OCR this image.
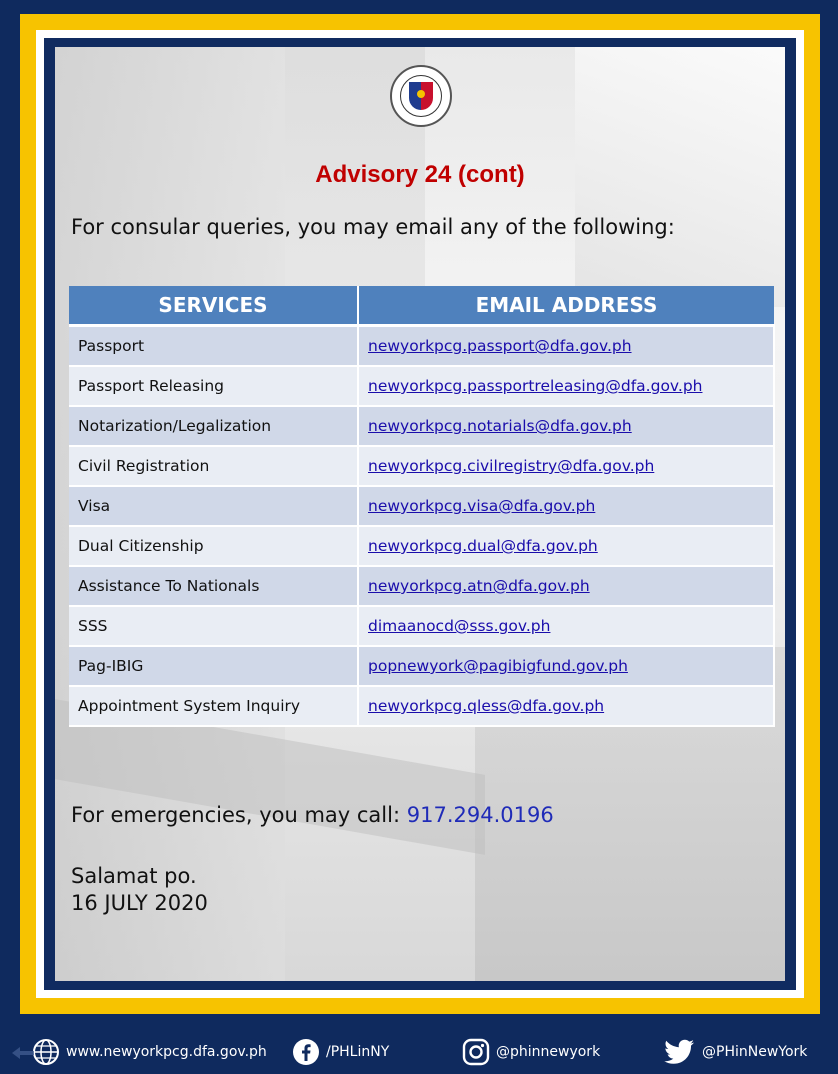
Advisory 24 (cont)
For consular queries, you may email any of the following:
SERVICES	EMAIL ADDRESS
Passport	newyorkpcg.passport@dfa.gov.ph
Passport Releasing	newyorkpcg.passportreleasing@dfa.gov.ph
Notarization/Legalization	newyorkpcg.notarials@dfa.gov.ph
Civil Registration	newyorkpcg.civilregistry@dfa.gov.ph
Visa	newyorkpcg.visa@dfa.gov.ph
Dual Citizenship	newyorkpcg.dual@dfa.gov.ph
Assistance To Nationals	newyorkpcg.atn@dfa.gov.ph
SSS	dimaanocd@sss.gov.ph
Pag-IBIG	popnewyork@pagibigfund.gov.ph
Appointment System Inquiry	newyorkpcg.qless@dfa.gov.ph
For emergencies, you may call: 917.294.0196
Salamat po.
16 JULY 2020
www.newyorkpcg.dfa.gov.ph	/PHLinNY	@phinnewyork	@PHinNewYork
